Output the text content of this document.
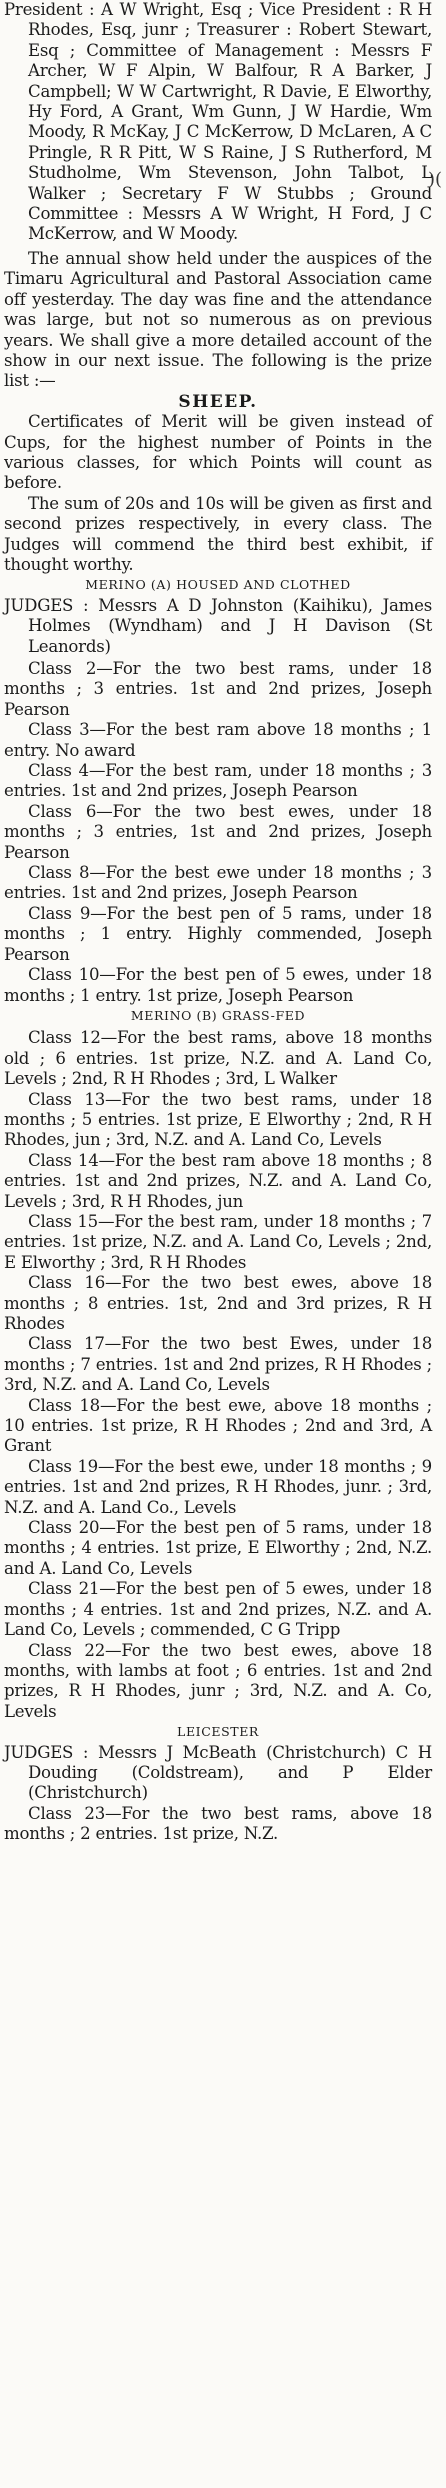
President : A W Wright, Esq ; Vice President : R H Rhodes, Esq, junr ; Treasurer : Robert Stewart, Esq ; Committee of Management : Messrs F Archer, W F Alpin, W Balfour, R A Barker, J Campbell; W W Cartwright, R Davie, E Elworthy, Hy Ford, A Grant, Wm Gunn, J W Hardie, Wm Moody, R McKay, J C McKerrow, D McLaren, A C Pringle, R R Pitt, W S Raine, J S Rutherford, M Studholme, Wm Stevenson, John Talbot, L Walker ; Secretary F W Stubbs ; Ground Committee : Messrs A W Wright, H Ford, J C McKerrow, and W Moody.

The annual show held under the auspices of the Timaru Agricultural and Pastoral Association came off yesterday. The day was fine and the attendance was large, but not so numerous as on previous years. We shall give a more detailed account of the show in our next issue. The following is the prize list :—

SHEEP.

Certificates of Merit will be given instead of Cups, for the highest number of Points in the various classes, for which Points will count as before.

The sum of 20s and 10s will be given as first and second prizes respectively, in every class. The Judges will commend the third best exhibit, if thought worthy.

MERINO (A) HOUSED AND CLOTHED

JUDGES : Messrs A D Johnston (Kaihiku), James Holmes (Wyndham) and J H Davison (St Leanords)

Class 2—For the two best rams, under 18 months ; 3 entries. 1st and 2nd prizes, Joseph Pearson

Class 3—For the best ram above 18 months ; 1 entry. No award

Class 4—For the best ram, under 18 months ; 3 entries. 1st and 2nd prizes, Joseph Pearson

Class 6—For the two best ewes, under 18 months ; 3 entries, 1st and 2nd prizes, Joseph Pearson

Class 8—For the best ewe under 18 months ; 3 entries. 1st and 2nd prizes, Joseph Pearson

Class 9—For the best pen of 5 rams, under 18 months ; 1 entry. Highly commended, Joseph Pearson

Class 10—For the best pen of 5 ewes, under 18 months ; 1 entry. 1st prize, Joseph Pearson

MERINO (B) GRASS-FED

Class 12—For the best rams, above 18 months old ; 6 entries. 1st prize, N.Z. and A. Land Co, Levels ; 2nd, R H Rhodes ; 3rd, L Walker

Class 13—For the two best rams, under 18 months ; 5 entries. 1st prize, E Elworthy ; 2nd, R H Rhodes, jun ; 3rd, N.Z. and A. Land Co, Levels

Class 14—For the best ram above 18 months ; 8 entries. 1st and 2nd prizes, N.Z. and A. Land Co, Levels ; 3rd, R H Rhodes, jun

Class 15—For the best ram, under 18 months ; 7 entries. 1st prize, N.Z. and A. Land Co, Levels ; 2nd, E Elworthy ; 3rd, R H Rhodes

Class 16—For the two best ewes, above 18 months ; 8 entries. 1st, 2nd and 3rd prizes, R H Rhodes

Class 17—For the two best Ewes, under 18 months ; 7 entries. 1st and 2nd prizes, R H Rhodes ; 3rd, N.Z. and A. Land Co, Levels

Class 18—For the best ewe, above 18 months ; 10 entries. 1st prize, R H Rhodes ; 2nd and 3rd, A Grant

Class 19—For the best ewe, under 18 months ; 9 entries. 1st and 2nd prizes, R H Rhodes, junr. ; 3rd, N.Z. and A. Land Co., Levels

Class 20—For the best pen of 5 rams, under 18 months ; 4 entries. 1st prize, E Elworthy ; 2nd, N.Z. and A. Land Co, Levels

Class 21—For the best pen of 5 ewes, under 18 months ; 4 entries. 1st and 2nd prizes, N.Z. and A. Land Co, Levels ; commended, C G Tripp

Class 22—For the two best ewes, above 18 months, with lambs at foot ; 6 entries. 1st and 2nd prizes, R H Rhodes, junr ; 3rd, N.Z. and A. Co, Levels

LEICESTER

JUDGES : Messrs J McBeath (Christchurch) C H Douding (Coldstream), and P Elder (Christchurch)

Class 23—For the two best rams, above 18 months ; 2 entries. 1st prize, N.Z.

)(
